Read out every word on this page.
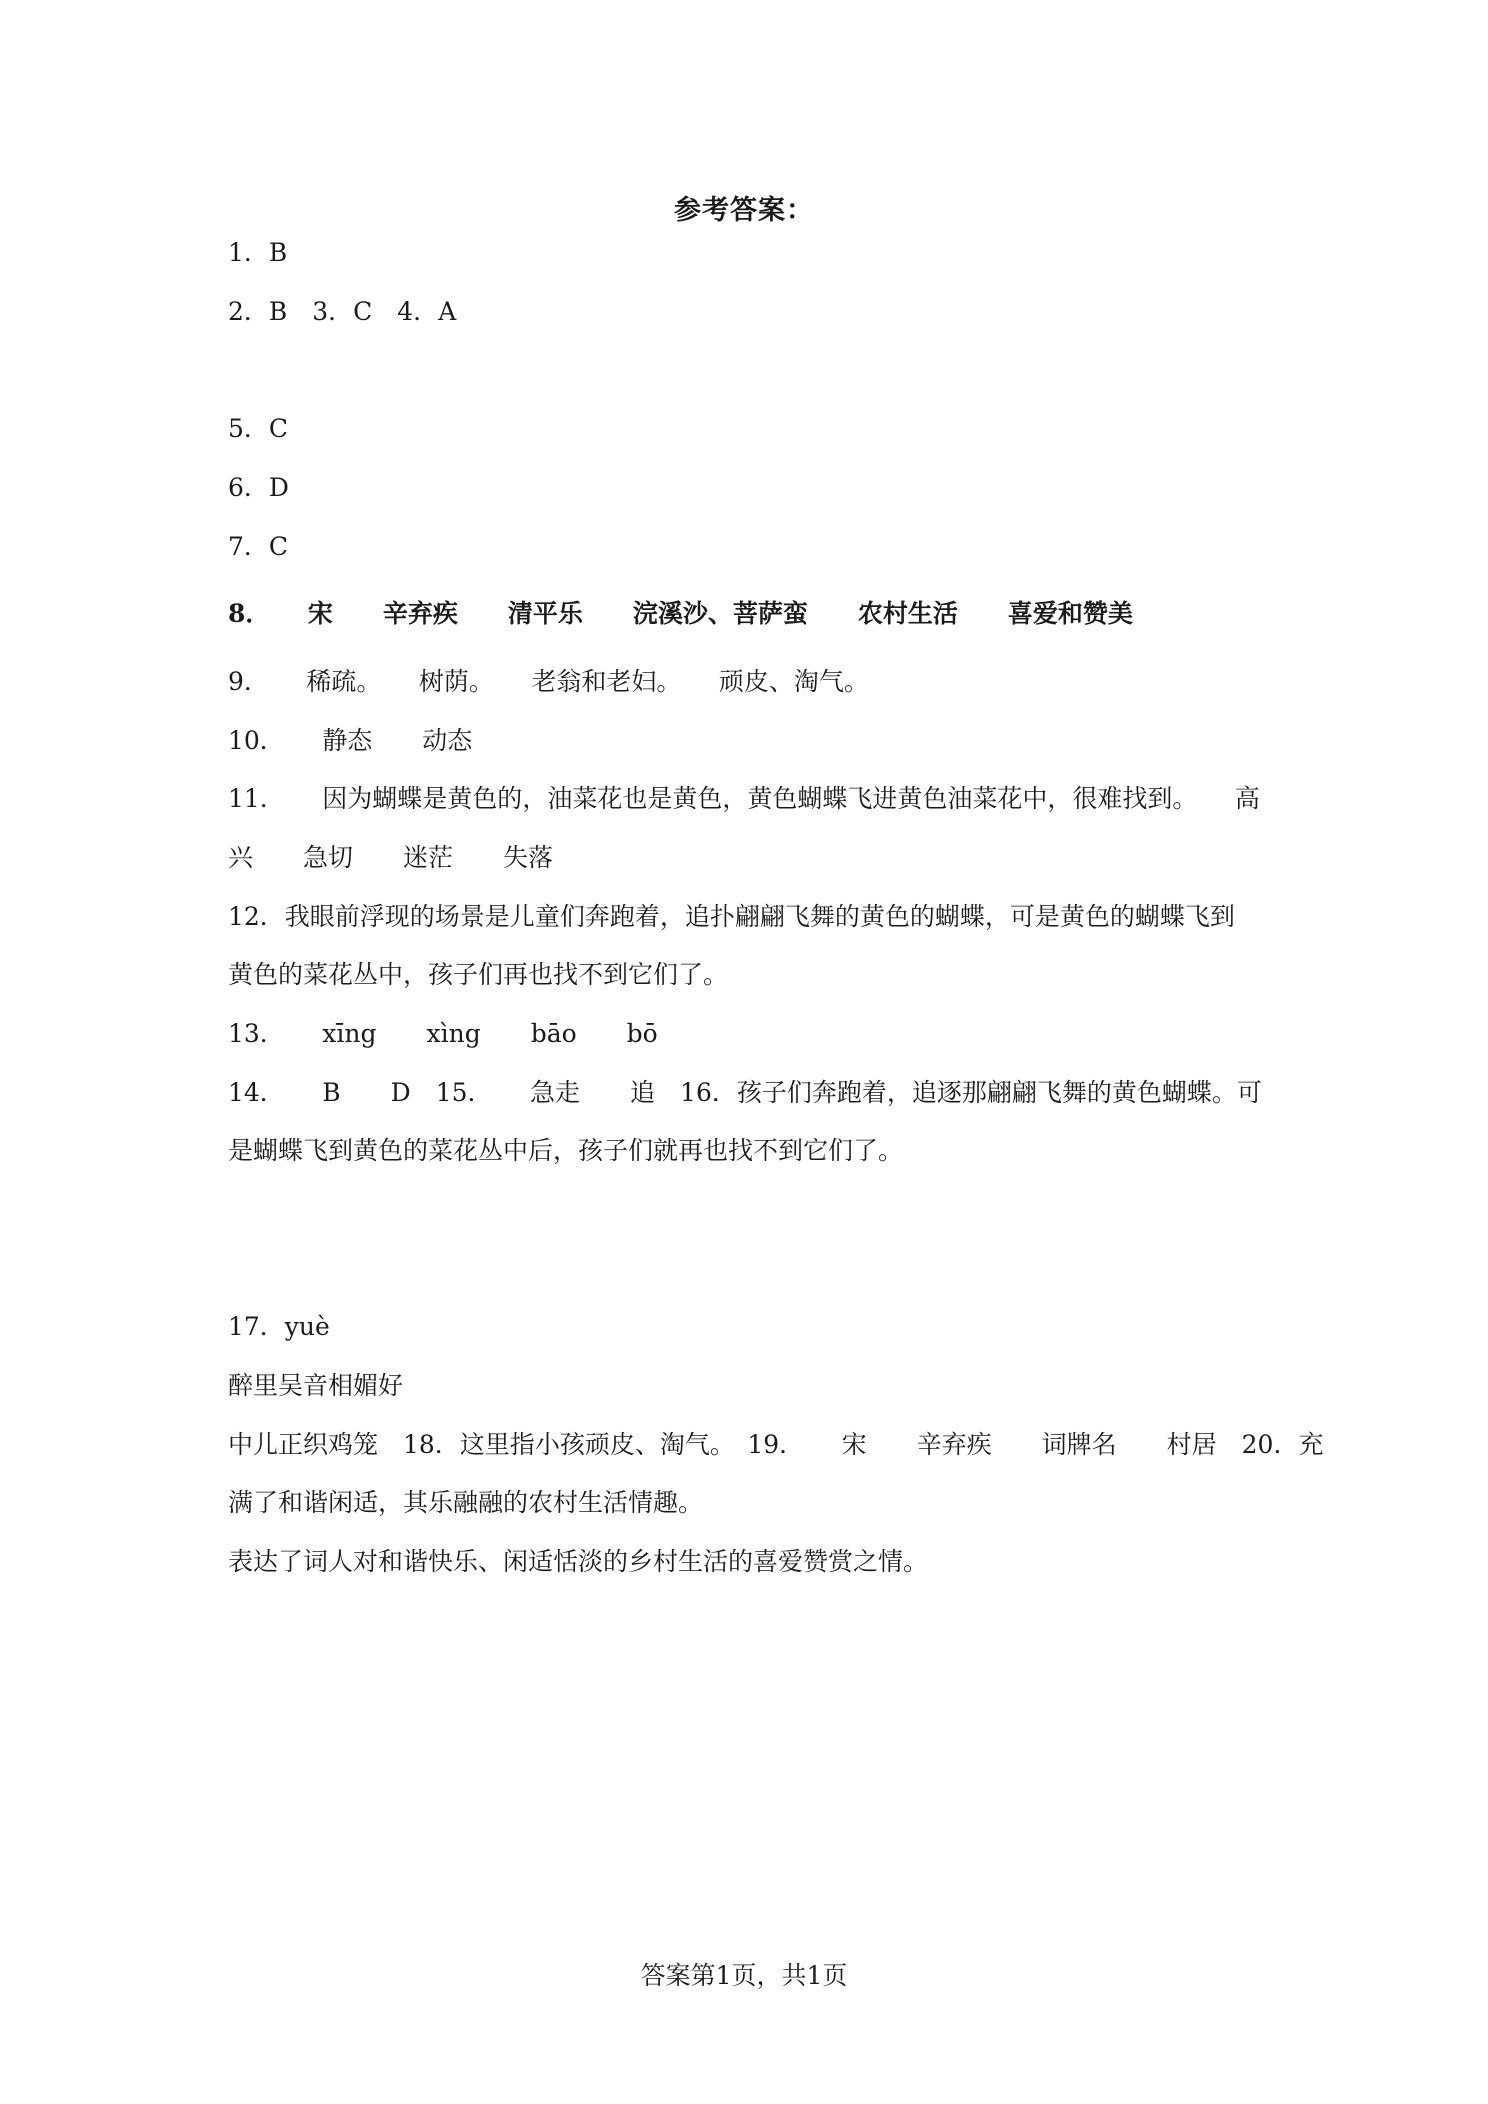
参考答案：
1．B
2．B　3．C　4．A
5．C
6．D
7．C
8．　　宋　　辛弃疾　　清平乐　　浣溪沙、菩萨蛮　　农村生活　　喜爱和赞美
9．　　稀疏。　　树荫。　　老翁和老妇。　　顽皮、淘气。
10．　　静态　　动态
11．　　因为蝴蝶是黄色的，油菜花也是黄色，黄色蝴蝶飞进黄色油菜花中，很难找到。　　高
兴　　急切　　迷茫　　失落
12．我眼前浮现的场景是儿童们奔跑着，追扑翩翩飞舞的黄色的蝴蝶，可是黄色的蝴蝶飞到
黄色的菜花丛中，孩子们再也找不到它们了。
13．　　xīng　　xìng　　bāo　　bō
14．　　B　　D　15．　　急走　　追　16．孩子们奔跑着，追逐那翩翩飞舞的黄色蝴蝶。可
是蝴蝶飞到黄色的菜花丛中后，孩子们就再也找不到它们了。
17．yuè
醉里吴音相媚好
中儿正织鸡笼　18．这里指小孩顽皮、淘气。　19．　　宋　　辛弃疾　　词牌名　　村居　20．充
满了和谐闲适，其乐融融的农村生活情趣。
表达了词人对和谐快乐、闲适恬淡的乡村生活的喜爱赞赏之情。
答案第1页，共1页
